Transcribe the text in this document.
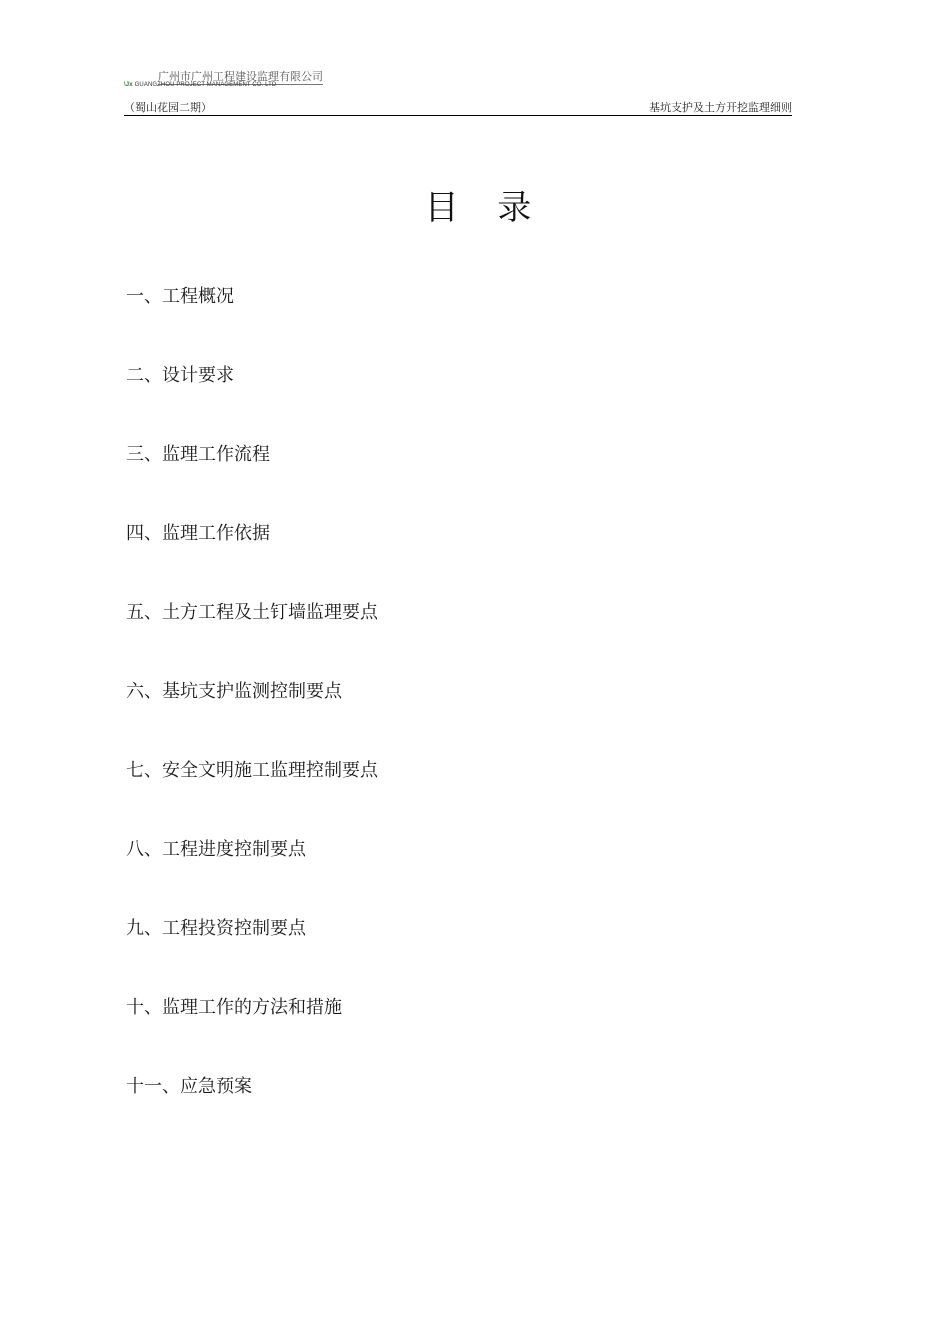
广州市广州工程建设监理有限公司
\Jx GUANGZHOU PROJECT MANAGEMENT CO. LTD
（蜀山花园二期）	基坑支护及土方开挖监理细则
目 录
一、工程概况
二、设计要求
三、监理工作流程
四、监理工作依据
五、土方工程及土钉墙监理要点
六、基坑支护监测控制要点
七、安全文明施工监理控制要点
八、工程进度控制要点
九、工程投资控制要点
十、监理工作的方法和措施
十一、应急预案
